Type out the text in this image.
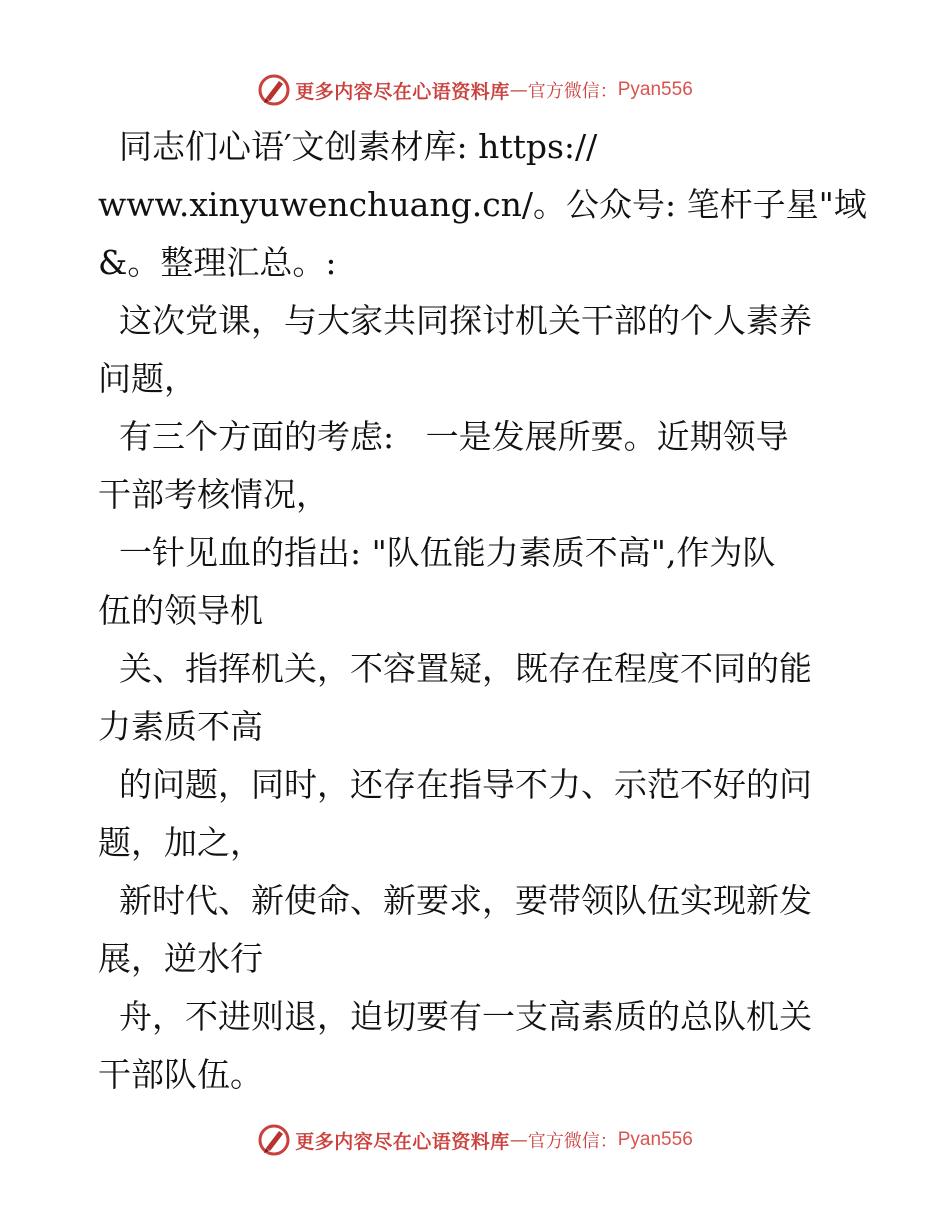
更多内容尽在心语资料库 — 官方微信： Pyan556
同志们心语′文创素材库: https://
www.xinyuwenchuang.cn/。公众号: 笔杆子星"域
&。整理汇总。:
这次党课，与大家共同探讨机关干部的个人素养
问题，
有三个方面的考虑:   一是发展所要。近期领导
干部考核情况，
一针见血的指出: "队伍能力素质不高",作为队
伍的领导机
关、指挥机关，不容置疑，既存在程度不同的能
力素质不高
的问题，同时，还存在指导不力、示范不好的问
题，加之，
新时代、新使命、新要求，要带领队伍实现新发
展，逆水行
舟，不进则退，迫切要有一支高素质的总队机关
干部队伍。
更多内容尽在心语资料库 — 官方微信： Pyan556
